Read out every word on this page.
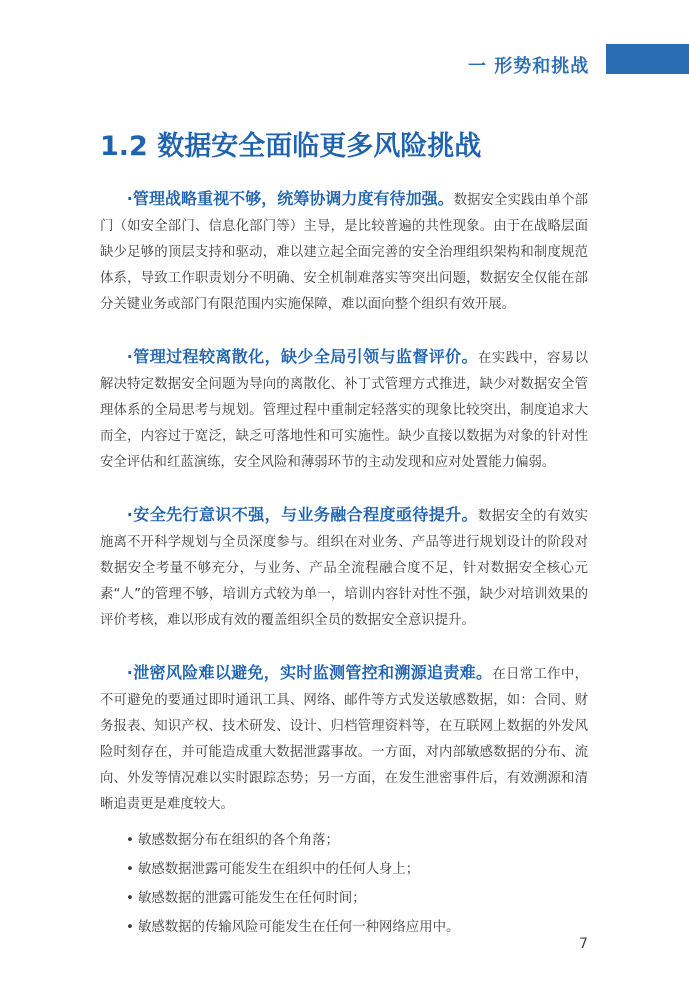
一 形势和挑战
1.2 数据安全面临更多风险挑战

·管理战略重视不够，统筹协调力度有待加强。数据安全实践由单个部门（如安全部门、信息化部门等）主导，是比较普遍的共性现象。由于在战略层面缺少足够的顶层支持和驱动，难以建立起全面完善的安全治理组织架构和制度规范体系，导致工作职责划分不明确、安全机制难落实等突出问题，数据安全仅能在部分关键业务或部门有限范围内实施保障，难以面向整个组织有效开展。

·管理过程较离散化，缺少全局引领与监督评价。在实践中，容易以解决特定数据安全问题为导向的离散化、补丁式管理方式推进，缺少对数据安全管理体系的全局思考与规划。管理过程中重制定轻落实的现象比较突出，制度追求大而全，内容过于宽泛，缺乏可落地性和可实施性。缺少直接以数据为对象的针对性安全评估和红蓝演练，安全风险和薄弱环节的主动发现和应对处置能力偏弱。

·安全先行意识不强，与业务融合程度亟待提升。数据安全的有效实施离不开科学规划与全员深度参与。组织在对业务、产品等进行规划设计的阶段对数据安全考量不够充分，与业务、产品全流程融合度不足，针对数据安全核心元素“人”的管理不够，培训方式较为单一，培训内容针对性不强，缺少对培训效果的评价考核，难以形成有效的覆盖组织全员的数据安全意识提升。

·泄密风险难以避免，实时监测管控和溯源追责难。在日常工作中，不可避免的要通过即时通讯工具、网络、邮件等方式发送敏感数据，如：合同、财务报表、知识产权、技术研发、设计、归档管理资料等，在互联网上数据的外发风险时刻存在，并可能造成重大数据泄露事故。一方面，对内部敏感数据的分布、流向、外发等情况难以实时跟踪态势；另一方面，在发生泄密事件后，有效溯源和清晰追责更是难度较大。

• 敏感数据分布在组织的各个角落；
• 敏感数据泄露可能发生在组织中的任何人身上；
• 敏感数据的泄露可能发生在任何时间；
• 敏感数据的传输风险可能发生在任何一种网络应用中。
7
